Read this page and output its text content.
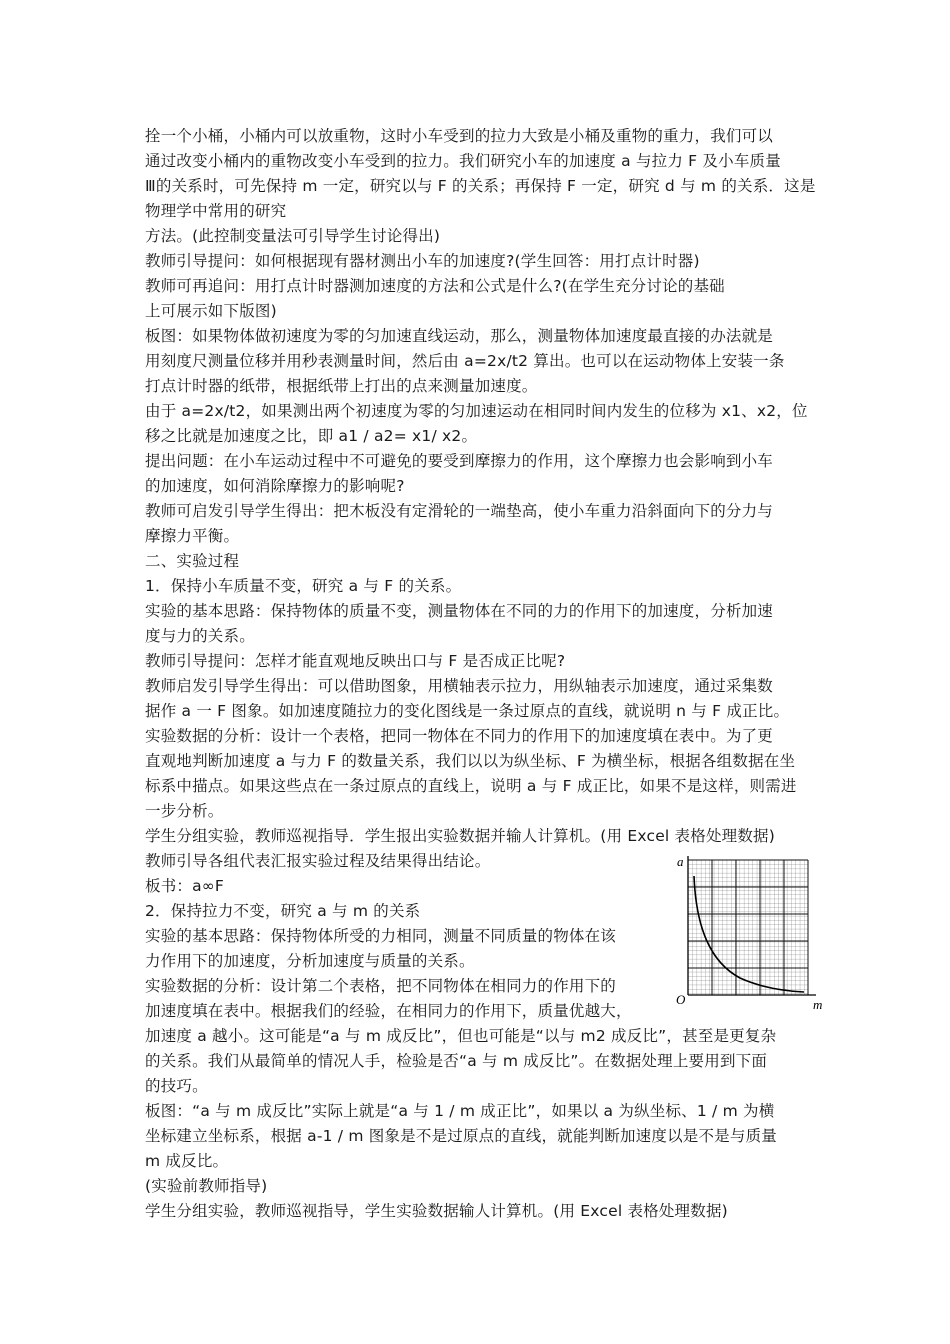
拴一个小桶，小桶内可以放重物，这时小车受到的拉力大致是小桶及重物的重力，我们可以
通过改变小桶内的重物改变小车受到的拉力。我们研究小车的加速度 a 与拉力 F 及小车质量
Ⅲ的关系时，可先保持 m 一定，研究以与 F 的关系；再保持 F 一定，研究 d 与 m 的关系．这是
物理学中常用的研究
方法。(此控制变量法可引导学生讨论得出)
教师引导提问：如何根据现有器材测出小车的加速度?(学生回答：用打点计时器)
教师可再追问：用打点计时器测加速度的方法和公式是什么?(在学生充分讨论的基础
上可展示如下版图)
板图：如果物体做初速度为零的匀加速直线运动，那么，测量物体加速度最直接的办法就是
用刻度尺测量位移并用秒表测量时间，然后由 a=2x/t2 算出。也可以在运动物体上安装一条
打点计时器的纸带，根据纸带上打出的点来测量加速度。
由于 a=2x/t2，如果测出两个初速度为零的匀加速运动在相同时间内发生的位移为 x1、x2，位
移之比就是加速度之比，即 a1 / a2= x1/ x2。
提出问题：在小车运动过程中不可避免的要受到摩擦力的作用，这个摩擦力也会影响到小车
的加速度，如何消除摩擦力的影响呢?
教师可启发引导学生得出：把木板没有定滑轮的一端垫高，使小车重力沿斜面向下的分力与
摩擦力平衡。
二、实验过程
1．保持小车质量不变，研究 a 与 F 的关系。
实验的基本思路：保持物体的质量不变，测量物体在不同的力的作用下的加速度，分析加速
度与力的关系。
教师引导提问：怎样才能直观地反映出口与 F 是否成正比呢?
教师启发引导学生得出：可以借助图象，用横轴表示拉力，用纵轴表示加速度，通过采集数
据作 a 一 F 图象。如加速度随拉力的变化图线是一条过原点的直线，就说明 n 与 F 成正比。
实验数据的分析：设计一个表格，把同一物体在不同力的作用下的加速度填在表中。为了更
直观地判断加速度 a 与力 F 的数量关系，我们以以为纵坐标、F 为横坐标，根据各组数据在坐
标系中描点。如果这些点在一条过原点的直线上，说明 a 与 F 成正比，如果不是这样，则需进
一步分析。
学生分组实验，教师巡视指导．学生报出实验数据并输人计算机。(用 Excel 表格处理数据)
教师引导各组代表汇报实验过程及结果得出结论。
板书：a∞F
2．保持拉力不变，研究 a 与 m 的关系
实验的基本思路：保持物体所受的力相同，测量不同质量的物体在该
力作用下的加速度，分析加速度与质量的关系。
实验数据的分析：设计第二个表格，把不同物体在相同力的作用下的
加速度填在表中。根据我们的经验，在相同力的作用下，质量优越大，
加速度 a 越小。这可能是“a 与 m 成反比”，但也可能是“以与 m2 成反比”，甚至是更复杂
的关系。我们从最简单的情况人手，检验是否“a 与 m 成反比”。在数据处理上要用到下面
的技巧。
板图：“a 与 m 成反比”实际上就是“a 与 1 / m 成正比”，如果以 a 为纵坐标、1 / m 为横
坐标建立坐标系，根据 a-1 / m 图象是不是过原点的直线，就能判断加速度以是不是与质量
m 成反比。
(实验前教师指导)
学生分组实验，教师巡视指导，学生实验数据输人计算机。(用 Excel 表格处理数据)
a
O	m
